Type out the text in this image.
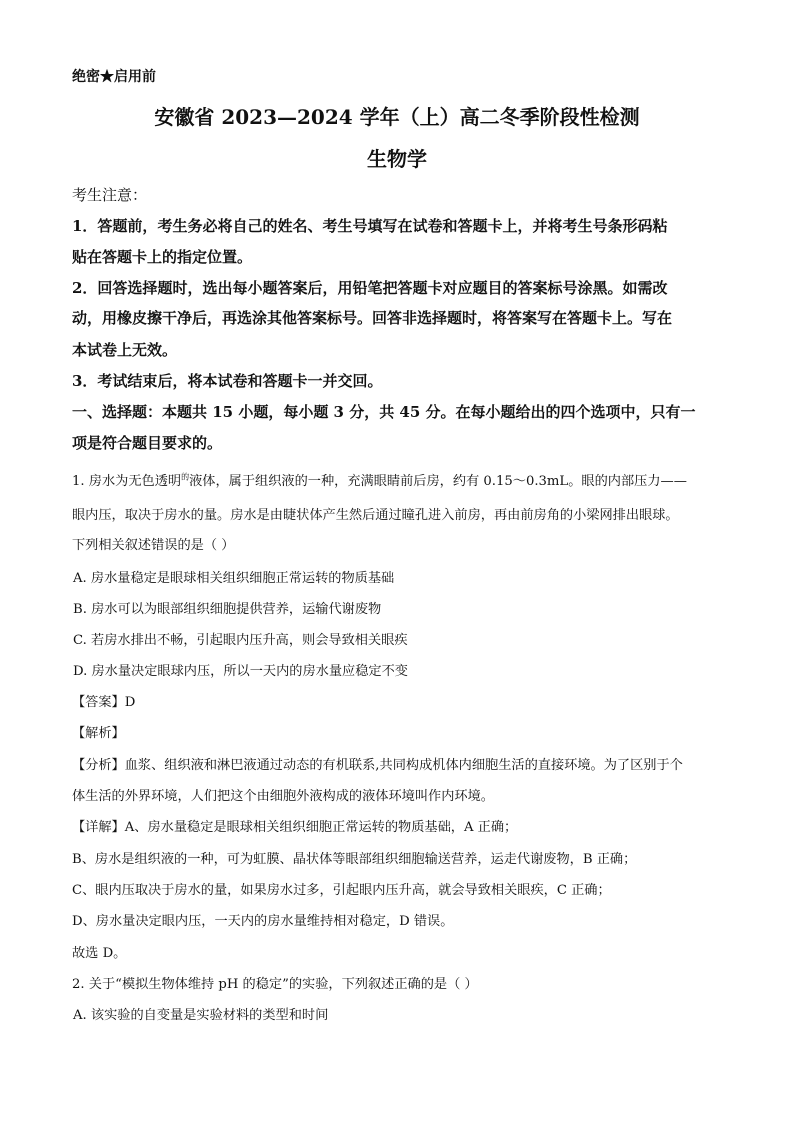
绝密★启用前
安徽省 2023—2024 学年（上）高二冬季阶段性检测
生物学
考生注意：
1．答题前，考生务必将自己的姓名、考生号填写在试卷和答题卡上，并将考生号条形码粘
贴在答题卡上的指定位置。
2．回答选择题时，选出每小题答案后，用铅笔把答题卡对应题目的答案标号涂黑。如需改
动，用橡皮擦干净后，再选涂其他答案标号。回答非选择题时，将答案写在答题卡上。写在
本试卷上无效。
3．考试结束后，将本试卷和答题卡一并交回。
一、选择题：本题共 15 小题，每小题 3 分，共 45 分。在每小题给出的四个选项中，只有一
项是符合题目要求的。
1. 房水为无色透明$^的$液体，属于组织液的一种，充满眼睛前后房，约有 0.15～0.3mL。眼的内部压力——
眼内压，取决于房水的量。房水是由睫状体产生然后通过瞳孔进入前房，再由前房角的小梁网排出眼球。
下列相关叙述错误的是（ ）
A. 房水量稳定是眼球相关组织细胞正常运转的物质基础
B. 房水可以为眼部组织细胞提供营养，运输代谢废物
C. 若房水排出不畅，引起眼内压升高，则会导致相关眼疾
D. 房水量决定眼球内压，所以一天内的房水量应稳定不变
【答案】D
【解析】
【分析】血浆、组织液和淋巴液通过动态的有机联系,共同构成机体内细胞生活的直接环境。为了区别于个
体生活的外界环境，人们把这个由细胞外液构成的液体环境叫作内环境。
【详解】A、房水量稳定是眼球相关组织细胞正常运转的物质基础，A 正确；
B、房水是组织液的一种，可为虹膜、晶状体等眼部组织细胞输送营养，运走代谢废物，B 正确；
C、眼内压取决于房水的量，如果房水过多，引起眼内压升高，就会导致相关眼疾，C 正确；
D、房水量决定眼内压，一天内的房水量维持相对稳定，D 错误。
故选 D。
2. 关于“模拟生物体维持 pH 的稳定”的实验，下列叙述正确的是（ ）
A. 该实验的自变量是实验材料的类型和时间
